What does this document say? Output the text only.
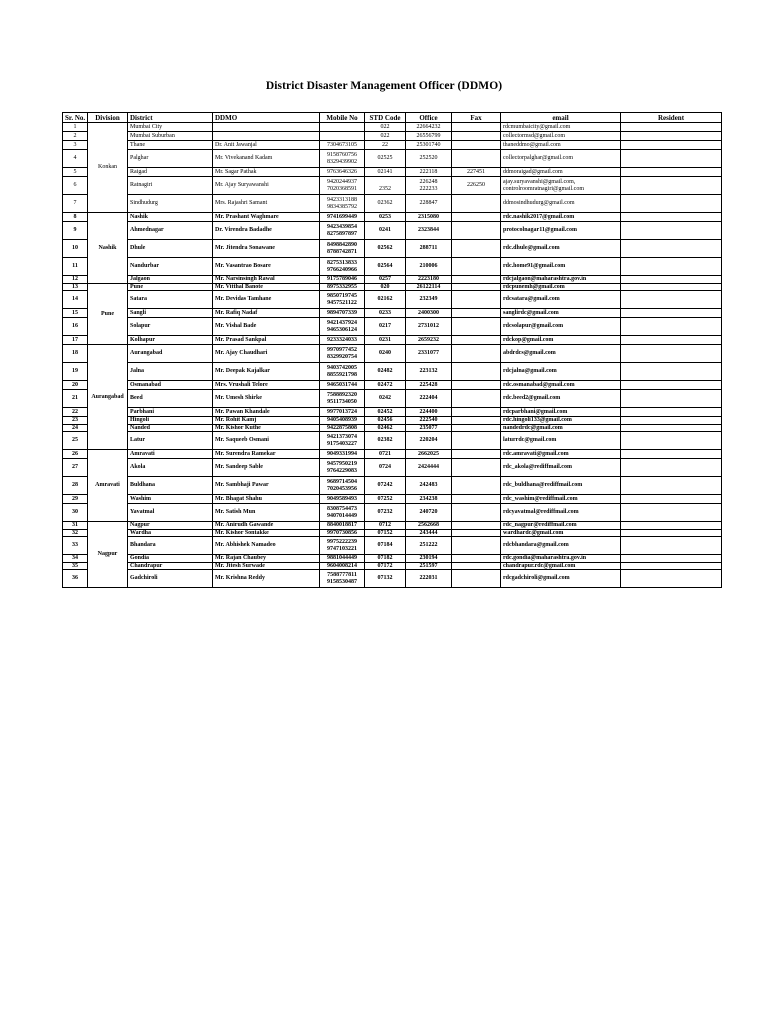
District Disaster Management Officer (DDMO)
Sr. No.	Division	District	DDMO	Mobile No	STD Code	Office	Fax	email	Resident
1	Konkan	Mumbai City			022	22664232		rdcmumbaicity@gmail.com	
2		Mumbai Suburban			022	26556799		collectormsd@gmail.com	
3		Thane	Dr. Anit Jawanjal	7304673105	22	25301740		thaneddmo@gmail.com	
4		Palghar	Mr. Vivekanand Kadam	9158760756
8329439902	02525	252520		collectorpalghar@gmail.com	
5		Raigad	Mr. Sagar Pathak	9763646326	02141	222118	227451	ddmoraigad@gmail.com	
6		Ratnagiri	Mr. Ajay Suryawanshi	9420244937
7020368591	2352	226248
222233	226250	ajay.suryavanshi@gmail.com,
controlroomratnagiri@gmail.com	
7		Sindhudurg	Mrs. Rajashri Samant	9423313188
9834385792	02362	228847		ddmosindhudurg@gmail.com	
8	Nashik	Nashik	Mr. Prashant Waghmare	9741699449	0253	2315080		rdc.nashik2017@gmail.com	
9		Ahmednagar	Dr. Virendra Badadhe	9423439854
8275897897	0241	2323844		protocolnagar11@gmail.com	
10		Dhule	Mr. Jitendra Sonawane	8498842890
8788742871	02562	288711		rdc.dhule@gmail.com	
11		Nandurbar	Mr. Vasantrao Bosare	8275313833
9766240966	02564	210006		rdc.home91@gmail.com	
12		Jalgaon	Mr. Narsinsingh Rawal	9175789046	0257	2223180		rdcjalgaon@maharashtra.gov.in	
13	Pune	Pune	Mr. Vitthal Banote	8975332955	020	26122114		rdcpunemh@gmail.com	
14		Satara	Mr. Devidas Tamhane	9850719745
9457521122	02162	232349		rdcsatara@gmail.com	
15		Sangli	Mr. Rafiq Nadaf	9894707339	0233	2400300		sanglirdc@gmail.com	
16		Solapur	Mr. Vishal Bade	9421437924
9465306124	0217	2731012		rdcsolapur@gmail.com	
17		Kolhapur	Mr. Prasad Sankpal	9233324033	0231	2659232		rdckop@gmail.com	
18	Aurangabad	Aurangabad	Mr. Ajay Chaudhari	9970977452
8329920754	0240	2331077		abdrdcs@gmail.com	
19		Jalna	Mr. Deepak Kajalkar	9403742005
8855921798	02482	223132		rdcjalna@gmail.com	
20		Osmanabad	Mrs. Vrushali Telore	9465031744	02472	225428		rdc.osmanabad@gmail.com	
21		Beed	Mr. Umesh Shirke	7588892320
9511734050	0242	222404		rdc.beed2@gmail.com	
22		Parbhani	Mr. Pawan Khandale	9977013724	02452	224400		rdcparbhani@gmail.com	
23		Hingoli	Mr. Rohit Kamj	9405408939	02456	222540		rdc.hingoli133@gmail.com	
24		Nanded	Mr. Kishor Kuthe	9422875808	02462	235077		nandedrdc@gmail.com	
25		Latur	Mr. Saqueeb Osmani	9421373074
9175403227	02382	220204		laturrdc@gmail.com	
26	Amravati	Amravati	Mr. Surendra Ramekar	9049331994	0721	2662025		rdc.amravati@gmail.com	
27		Akola	Mr. Sandeep Sable	9457950219
9764229083	0724	2424444		rdc_akola@rediffmail.com	
28		Buldhana	Mr. Sambhaji Pawar	9689714504
7020453956	07242	242483		rdc_buldhana@rediffmail.com	
29		Washim	Mr. Bhagat Shahu	9049589493	07252	234238		rdc_washim@rediffmail.com	
30		Yavatmal	Mr. Satish Mun	8308754473
9407014449	07232	240720		rdcyavatmal@rediffmail.com	
31	Nagpur	Nagpur	Mr. Anirudh Gawande	8840018817	0712	2562668		rdc_nagpur@rediffmail.com	
32		Wardha	Mr. Kishor Sontakke	9970730856	07152	243444		wardhardc@gmail.com	
33		Bhandara	Mr. Abhishek Namadeo	9975222239
9747103221	07184	251222		rdcbhandara@gmail.com	
34		Gondia	Mr. Rajan Chaubey	9881044449	07182	230194		rdc.gondia@maharashtra.gov.in	
35		Chandrapur	Mr. Jitesh Surwade	9604008214	07172	251597		chandrapur.rdc@gmail.com	
36		Gadchiroli	Mr. Krishna Reddy	7588777811
9158530487	07132	222031		rdcgadchiroli@gmail.com	
